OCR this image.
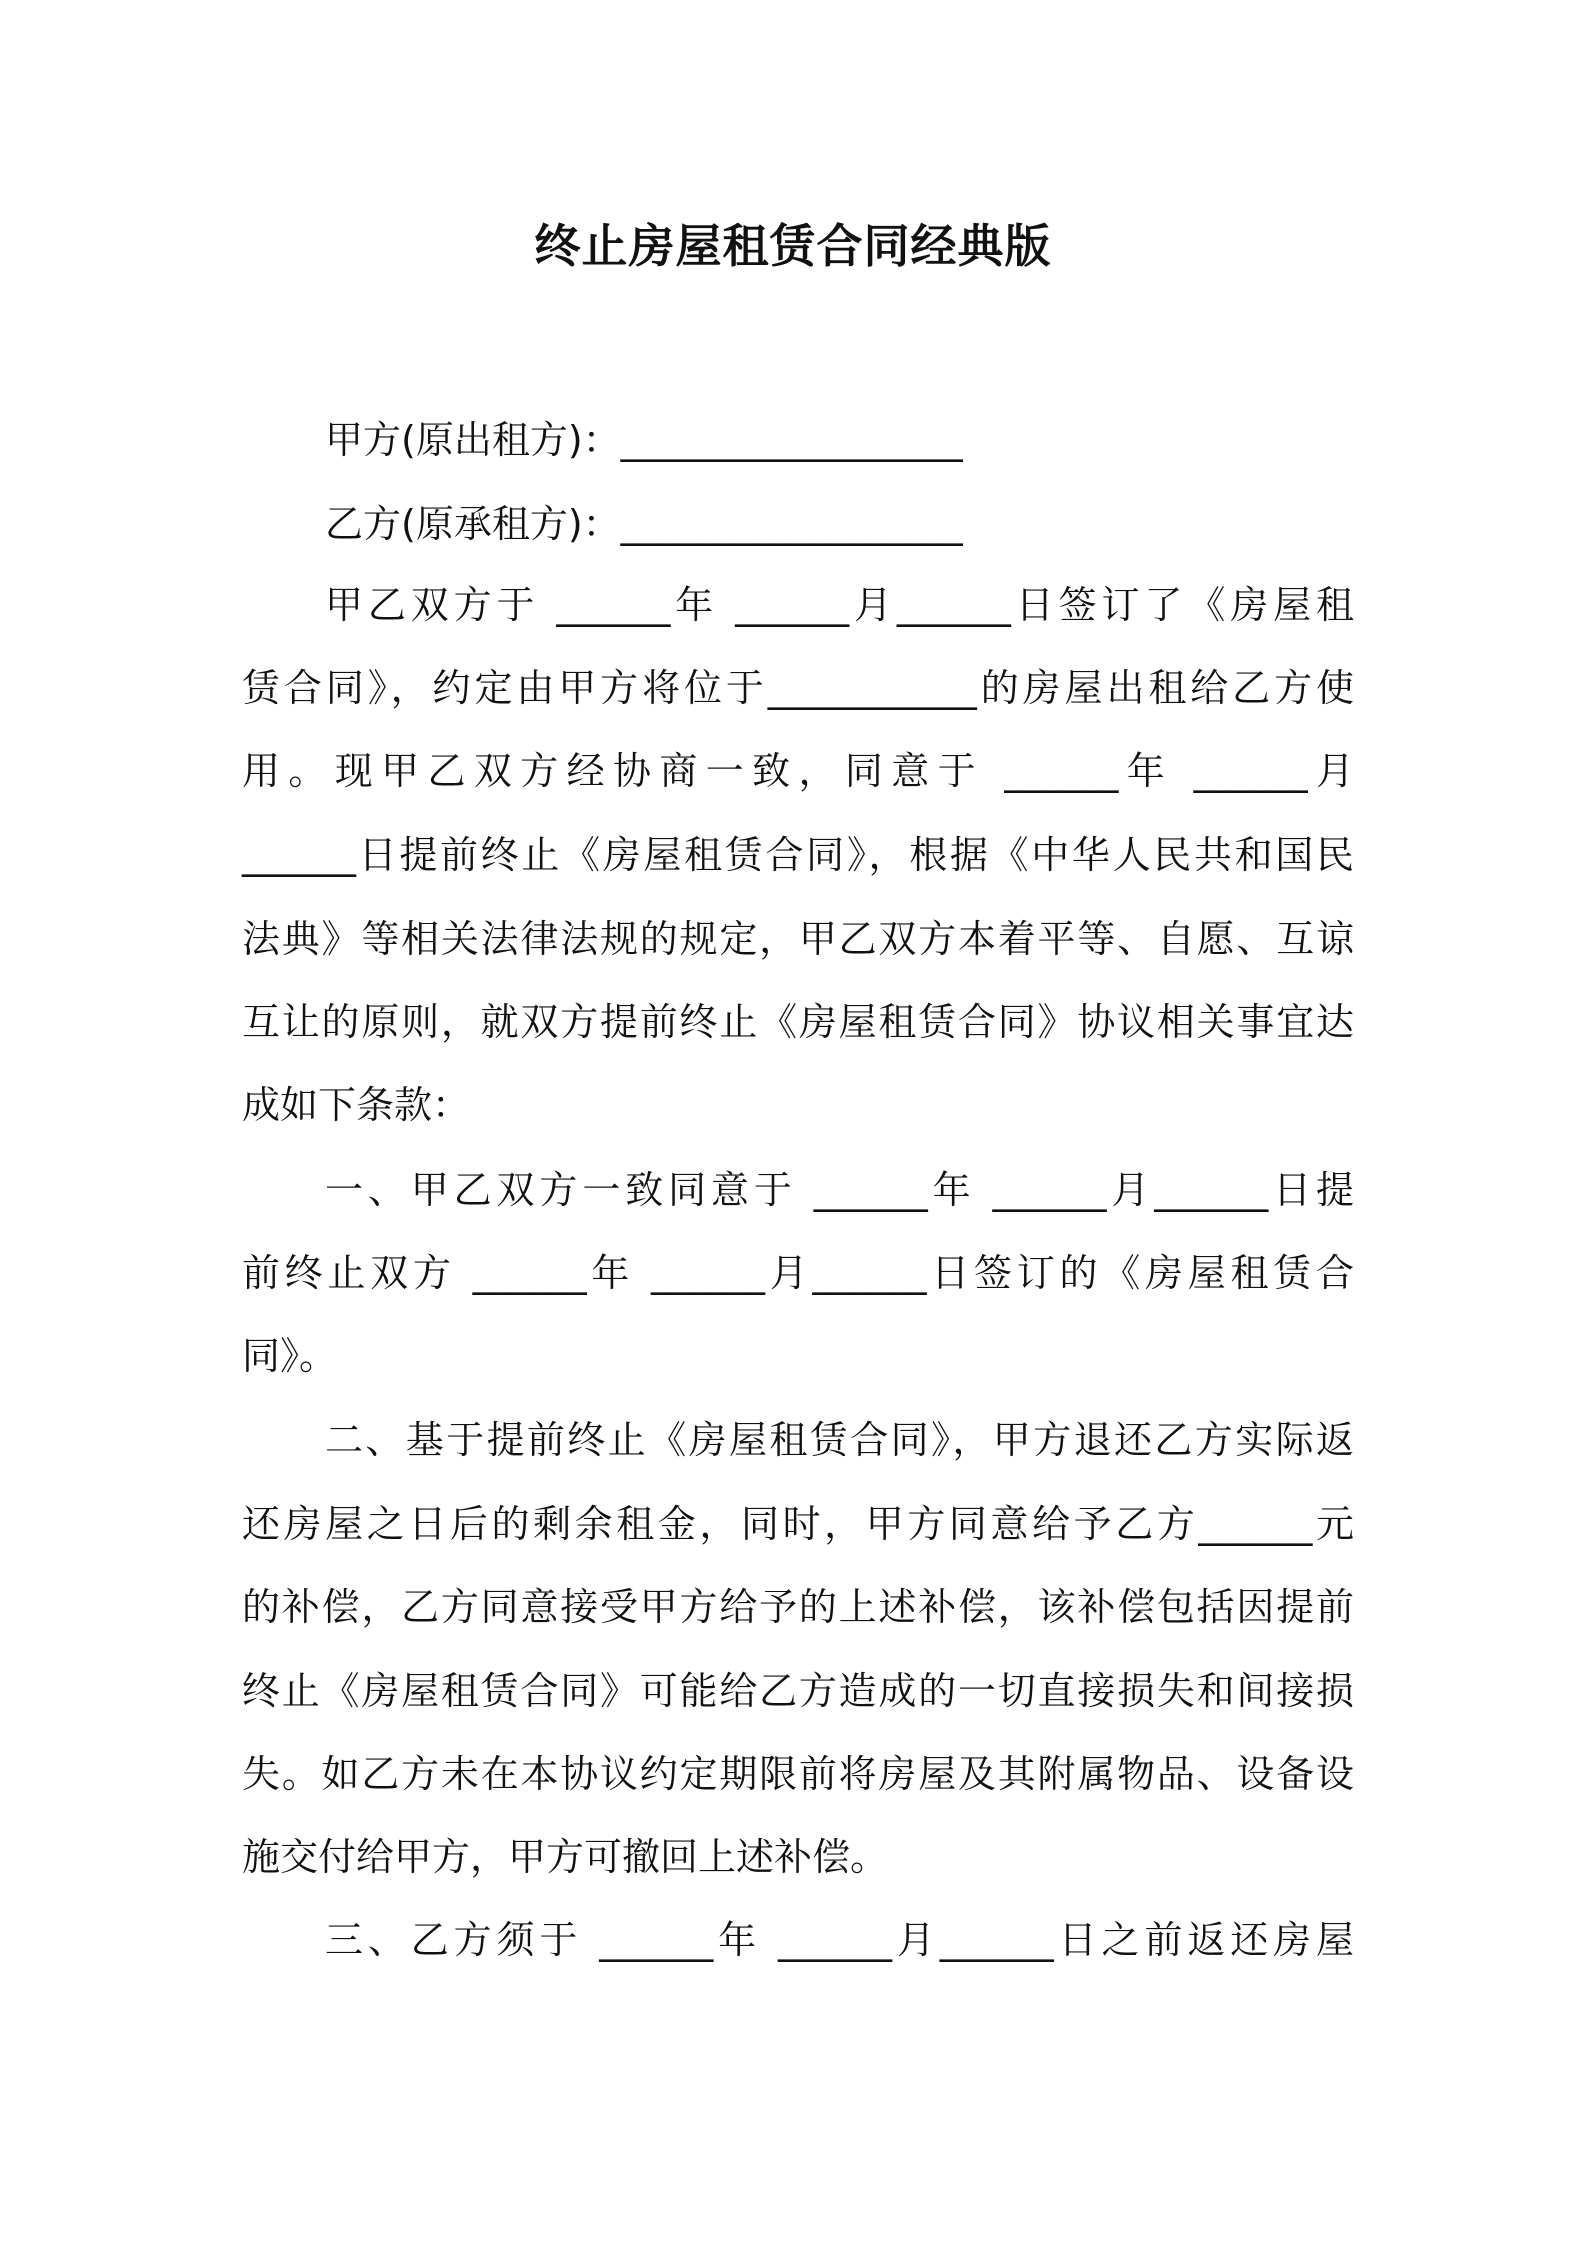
终止房屋租赁合同经典版

甲方(原出租方)：__________________

乙方(原承租方)：__________________

甲乙双方于 ______年 ______月______日签订了《房屋租

赁合同》，约定由甲方将位于___________的房屋出租给乙方使

用。现甲乙双方经协商一致，同意于 ______年 ______月

______日提前终止《房屋租赁合同》，根据《中华人民共和国民

法典》等相关法律法规的规定，甲乙双方本着平等、自愿、互谅

互让的原则，就双方提前终止《房屋租赁合同》协议相关事宜达

成如下条款：

一、甲乙双方一致同意于 ______年 ______月______日提

前终止双方 ______年 ______月______日签订的《房屋租赁合

同》。

二、基于提前终止《房屋租赁合同》，甲方退还乙方实际返

还房屋之日后的剩余租金，同时，甲方同意给予乙方______元

的补偿，乙方同意接受甲方给予的上述补偿，该补偿包括因提前

终止《房屋租赁合同》可能给乙方造成的一切直接损失和间接损

失。如乙方未在本协议约定期限前将房屋及其附属物品、设备设

施交付给甲方，甲方可撤回上述补偿。

三、乙方须于 ______年 ______月______日之前返还房屋
